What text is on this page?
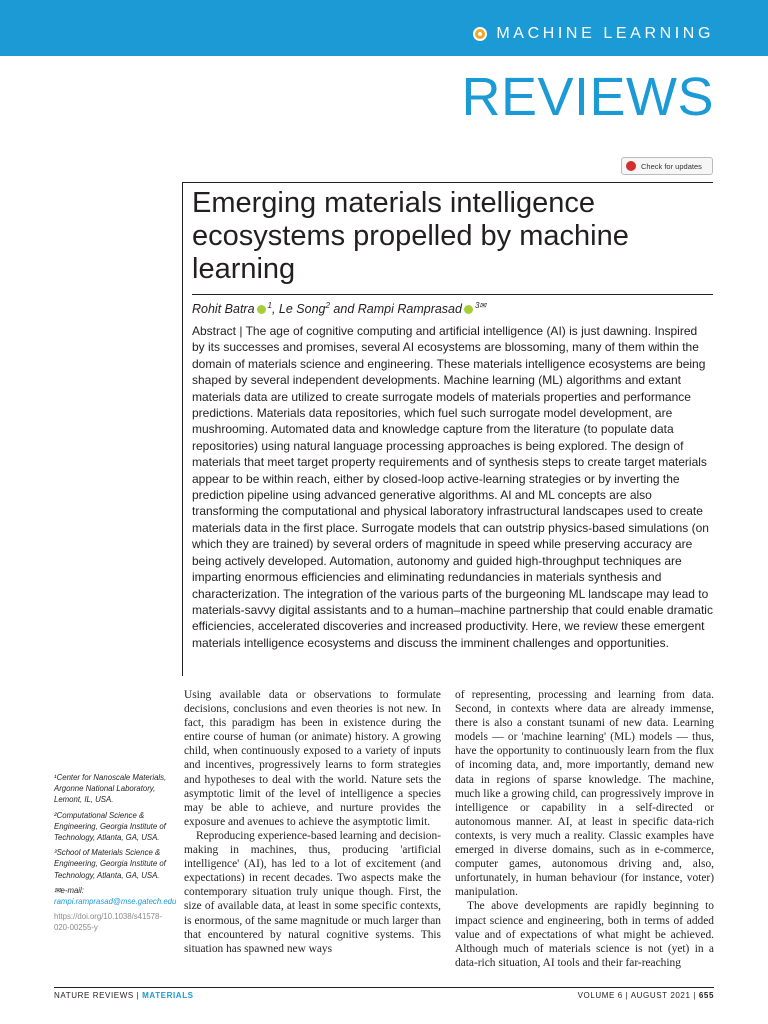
MACHINE LEARNING
REVIEWS
Check for updates
Emerging materials intelligence ecosystems propelled by machine learning
Rohit Batra $^1$, Le Song$^2$ and Rampi Ramprasad $^{3✉}$
Abstract | The age of cognitive computing and artificial intelligence (AI) is just dawning. Inspired by its successes and promises, several AI ecosystems are blossoming, many of them within the domain of materials science and engineering. These materials intelligence ecosystems are being shaped by several independent developments. Machine learning (ML) algorithms and extant materials data are utilized to create surrogate models of materials properties and performance predictions. Materials data repositories, which fuel such surrogate model development, are mushrooming. Automated data and knowledge capture from the literature (to populate data repositories) using natural language processing approaches is being explored. The design of materials that meet target property requirements and of synthesis steps to create target materials appear to be within reach, either by closed-loop active-learning strategies or by inverting the prediction pipeline using advanced generative algorithms. AI and ML concepts are also transforming the computational and physical laboratory infrastructural landscapes used to create materials data in the first place. Surrogate models that can outstrip physics-based simulations (on which they are trained) by several orders of magnitude in speed while preserving accuracy are being actively developed. Automation, autonomy and guided high-throughput techniques are imparting enormous efficiencies and eliminating redundancies in materials synthesis and characterization. The integration of the various parts of the burgeoning ML landscape may lead to materials-savvy digital assistants and to a human–machine partnership that could enable dramatic efficiencies, accelerated discoveries and increased productivity. Here, we review these emergent materials intelligence ecosystems and discuss the imminent challenges and opportunities.

¹Center for Nanoscale Materials, Argonne National Laboratory, Lemont, IL, USA.

²Computational Science & Engineering, Georgia Institute of Technology, Atlanta, GA, USA.

³School of Materials Science & Engineering, Georgia Institute of Technology, Atlanta, GA, USA.

✉e-mail: rampi.ramprasad@mse.gatech.edu

https://doi.org/10.1038/s41578-020-00255-y

Using available data or observations to formulate decisions, conclusions and even theories is not new. In fact, this paradigm has been in existence during the entire course of human (or animate) history. A growing child, when continuously exposed to a variety of inputs and incentives, progressively learns to form strategies and hypotheses to deal with the world. Nature sets the asymptotic limit of the level of intelligence a species may be able to achieve, and nurture provides the exposure and avenues to achieve the asymptotic limit.

Reproducing experience-based learning and decision-making in machines, thus, producing 'artificial intelligence' (AI), has led to a lot of excitement (and expectations) in recent decades. Two aspects make the contemporary situation truly unique though. First, the size of available data, at least in some specific contexts, is enormous, of the same magnitude or much larger than that encountered by natural cognitive systems. This situation has spawned new ways

of representing, processing and learning from data. Second, in contexts where data are already immense, there is also a constant tsunami of new data. Learning models — or 'machine learning' (ML) models — thus, have the opportunity to continuously learn from the flux of incoming data, and, more importantly, demand new data in regions of sparse knowledge. The machine, much like a growing child, can progressively improve in intelligence or capability in a self-directed or autonomous manner. AI, at least in specific data-rich contexts, is very much a reality. Classic examples have emerged in diverse domains, such as in e-commerce, computer games, autonomous driving and, also, unfortunately, in human behaviour (for instance, voter) manipulation.

The above developments are rapidly beginning to impact science and engineering, both in terms of added value and of expectations of what might be achieved. Although much of materials science is not (yet) in a data-rich situation, AI tools and their far-reaching

NATURE REVIEWS | MATERIALS	VOLUME 6 | AUGUST 2021 | 655
